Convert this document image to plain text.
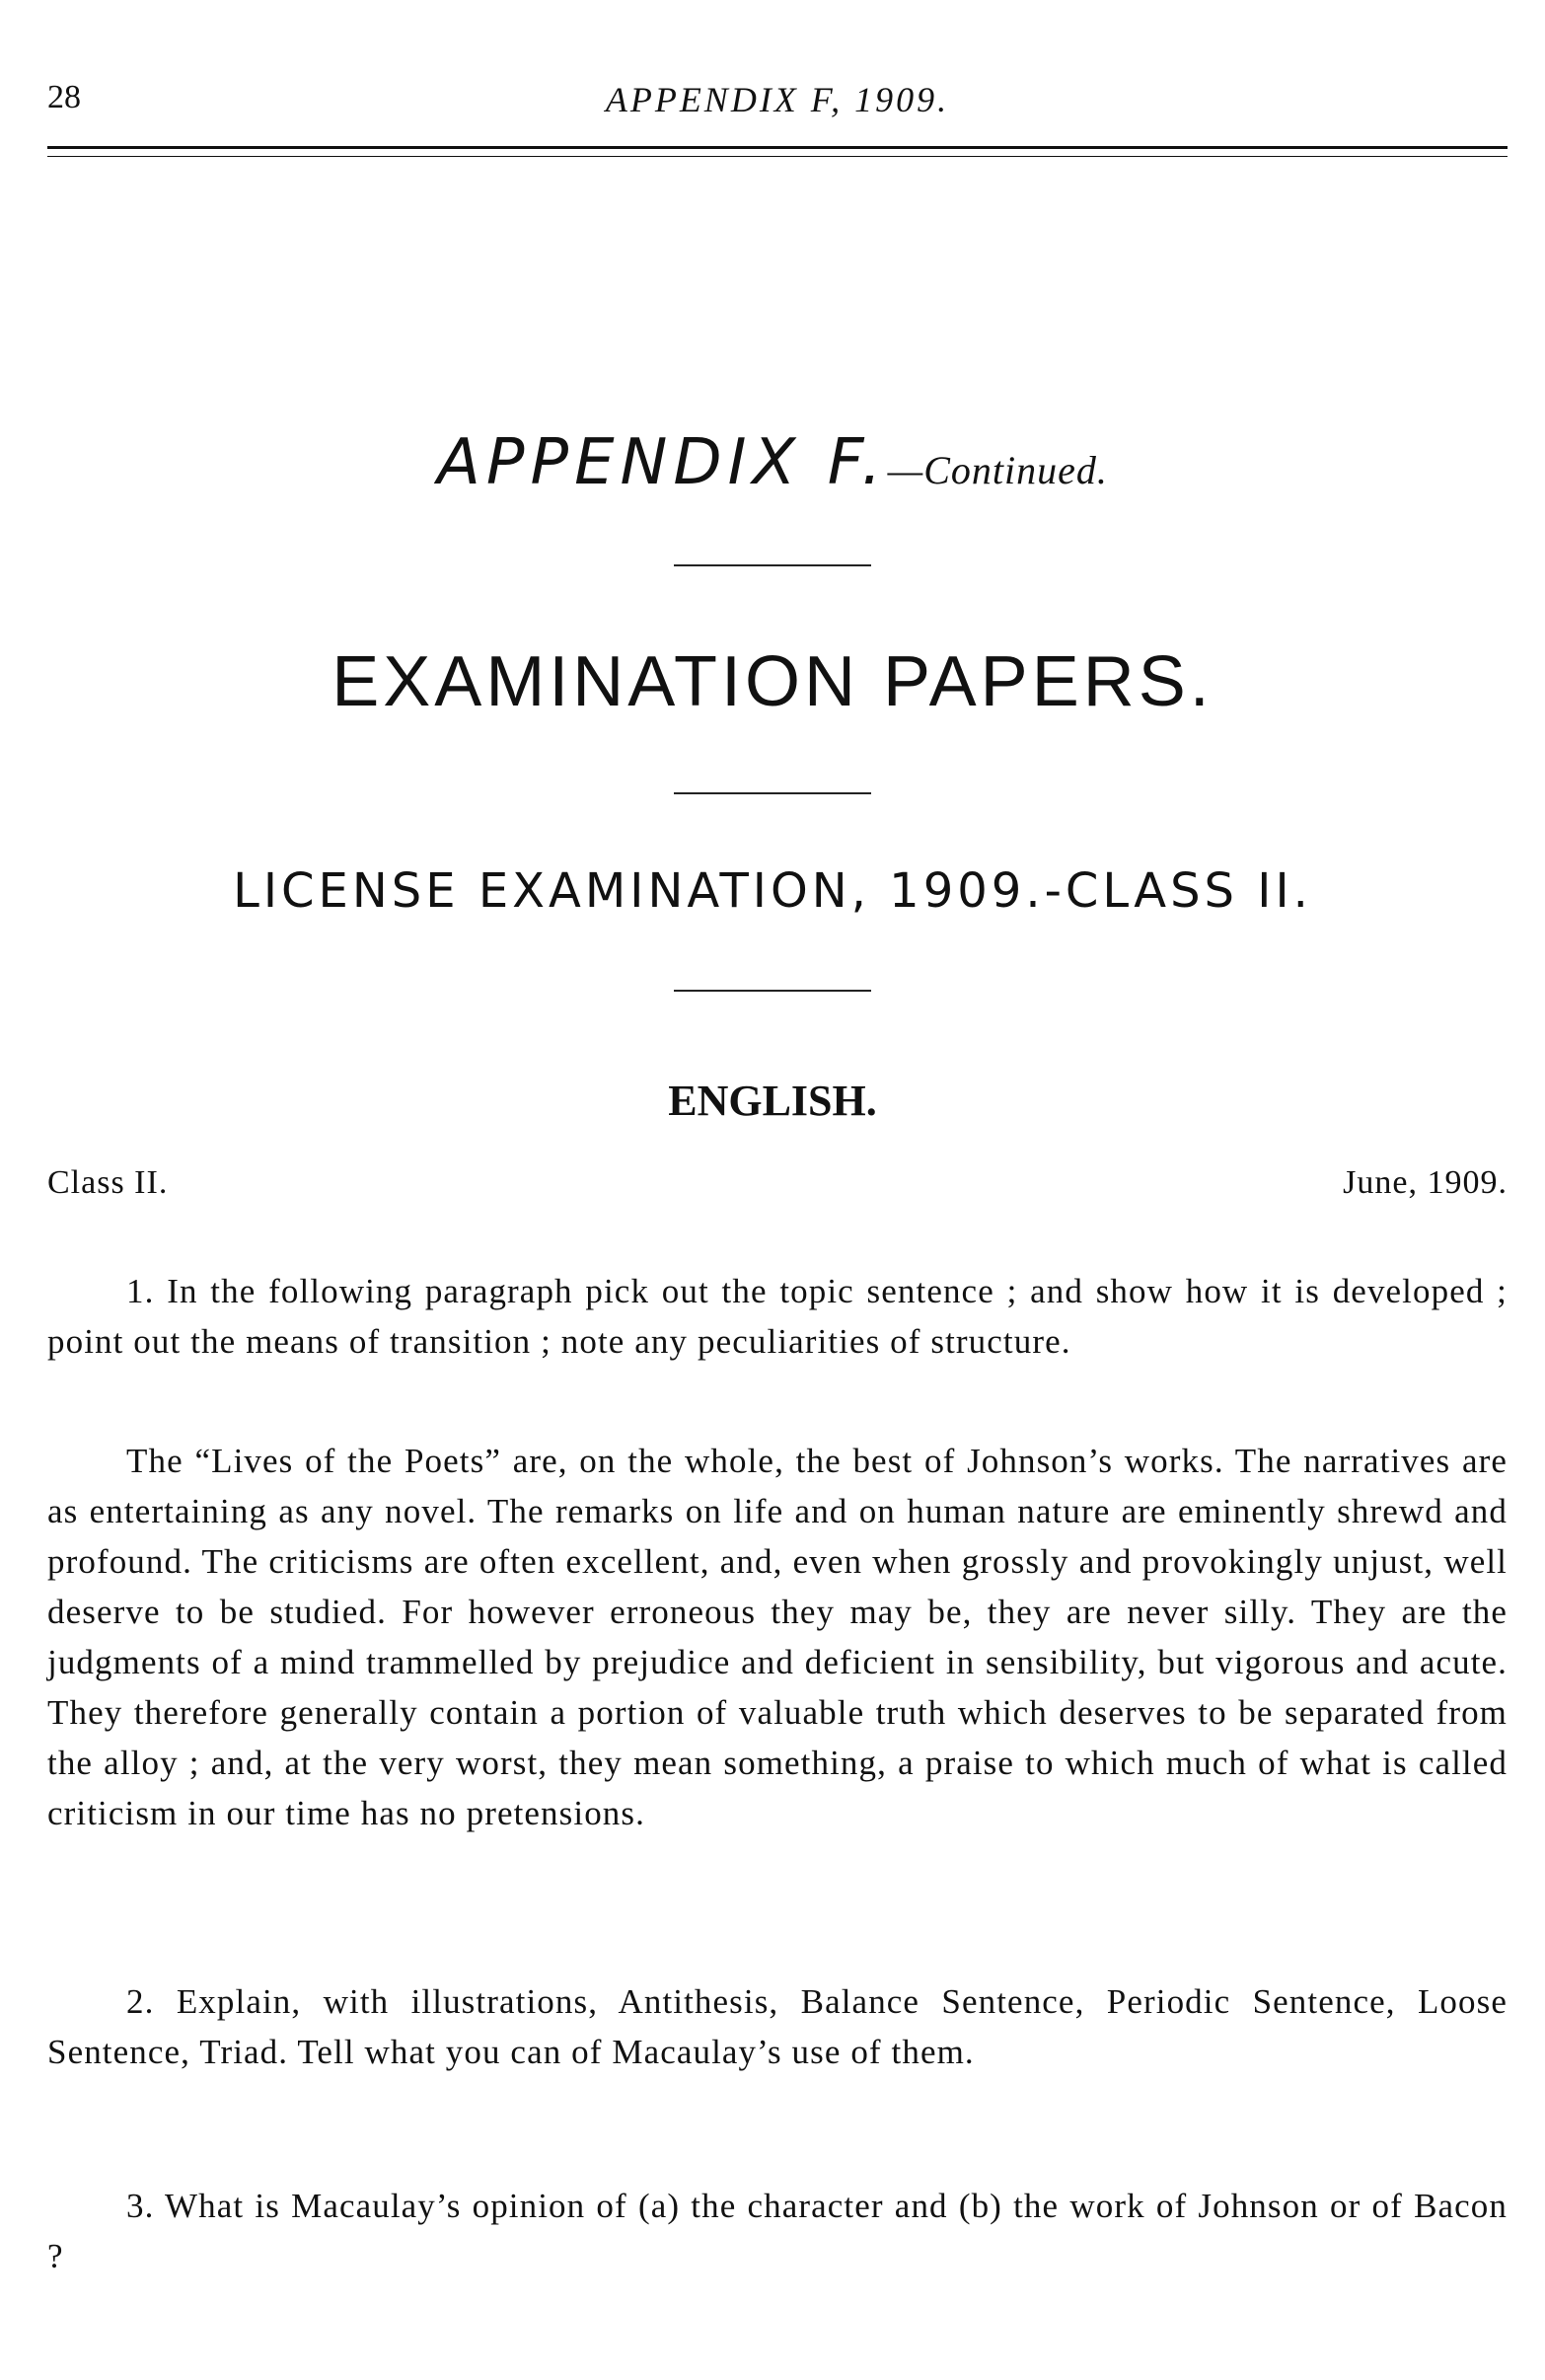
28	APPENDIX F, 1909.
APPENDIX F.—Continued.
EXAMINATION PAPERS.
LICENSE EXAMINATION, 1909.-CLASS II.
ENGLISH.
Class II.	June, 1909.

1. In the following paragraph pick out the topic sentence ; and show how it is developed ; point out the means of transition ; note any peculiarities of structure.

The “Lives of the Poets” are, on the whole, the best of Johnson’s works. The narratives are as entertaining as any novel. The remarks on life and on human nature are eminently shrewd and profound. The criticisms are often excellent, and, even when grossly and provokingly unjust, well deserve to be studied. For however erroneous they may be, they are never silly. They are the judgments of a mind trammelled by prejudice and deficient in sensibility, but vigorous and acute. They therefore generally contain a portion of valuable truth which deserves to be separated from the alloy ; and, at the very worst, they mean something, a praise to which much of what is called criticism in our time has no pretensions.

2. Explain, with illustrations, Antithesis, Balance Sentence, Periodic Sentence, Loose Sentence, Triad. Tell what you can of Macaulay’s use of them.

3. What is Macaulay’s opinion of (a) the character and (b) the work of Johnson or of Bacon ?
